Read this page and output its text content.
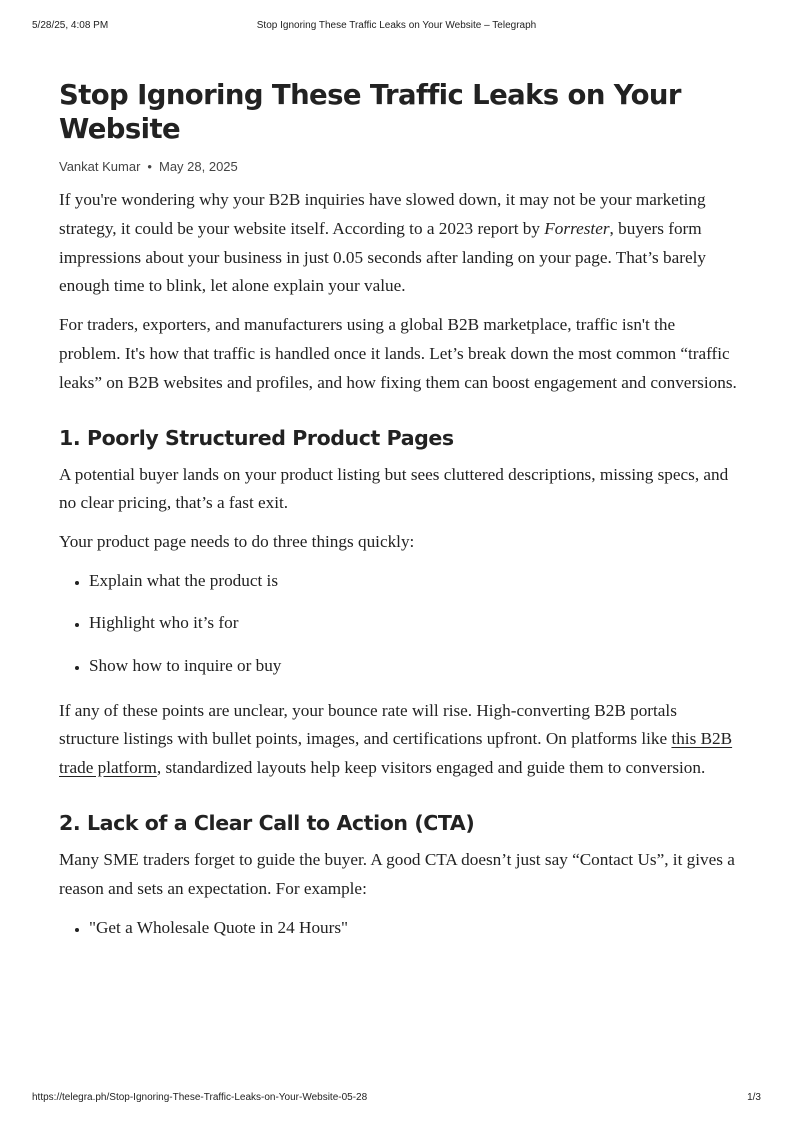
Stop Ignoring These Traffic Leaks on Your Website – Telegraph
5/28/25, 4:08 PM
Stop Ignoring These Traffic Leaks on Your Website
Vankat Kumar • May 28, 2025

If you're wondering why your B2B inquiries have slowed down, it may not be your marketing strategy, it could be your website itself. According to a 2023 report by Forrester, buyers form impressions about your business in just 0.05 seconds after landing on your page. That’s barely enough time to blink, let alone explain your value.

For traders, exporters, and manufacturers using a global B2B marketplace, traffic isn't the problem. It's how that traffic is handled once it lands. Let’s break down the most common “traffic leaks” on B2B websites and profiles, and how fixing them can boost engagement and conversions.

1. Poorly Structured Product Pages

A potential buyer lands on your product listing but sees cluttered descriptions, missing specs, and no clear pricing, that’s a fast exit.

Your product page needs to do three things quickly:

• Explain what the product is
• Highlight who it’s for
• Show how to inquire or buy

If any of these points are unclear, your bounce rate will rise. High-converting B2B portals structure listings with bullet points, images, and certifications upfront. On platforms like this B2B trade platform, standardized layouts help keep visitors engaged and guide them to conversion.

2. Lack of a Clear Call to Action (CTA)

Many SME traders forget to guide the buyer. A good CTA doesn’t just say “Contact Us”, it gives a reason and sets an expectation. For example:

• "Get a Wholesale Quote in 24 Hours"
https://telegra.ph/Stop-Ignoring-These-Traffic-Leaks-on-Your-Website-05-28	1/3
